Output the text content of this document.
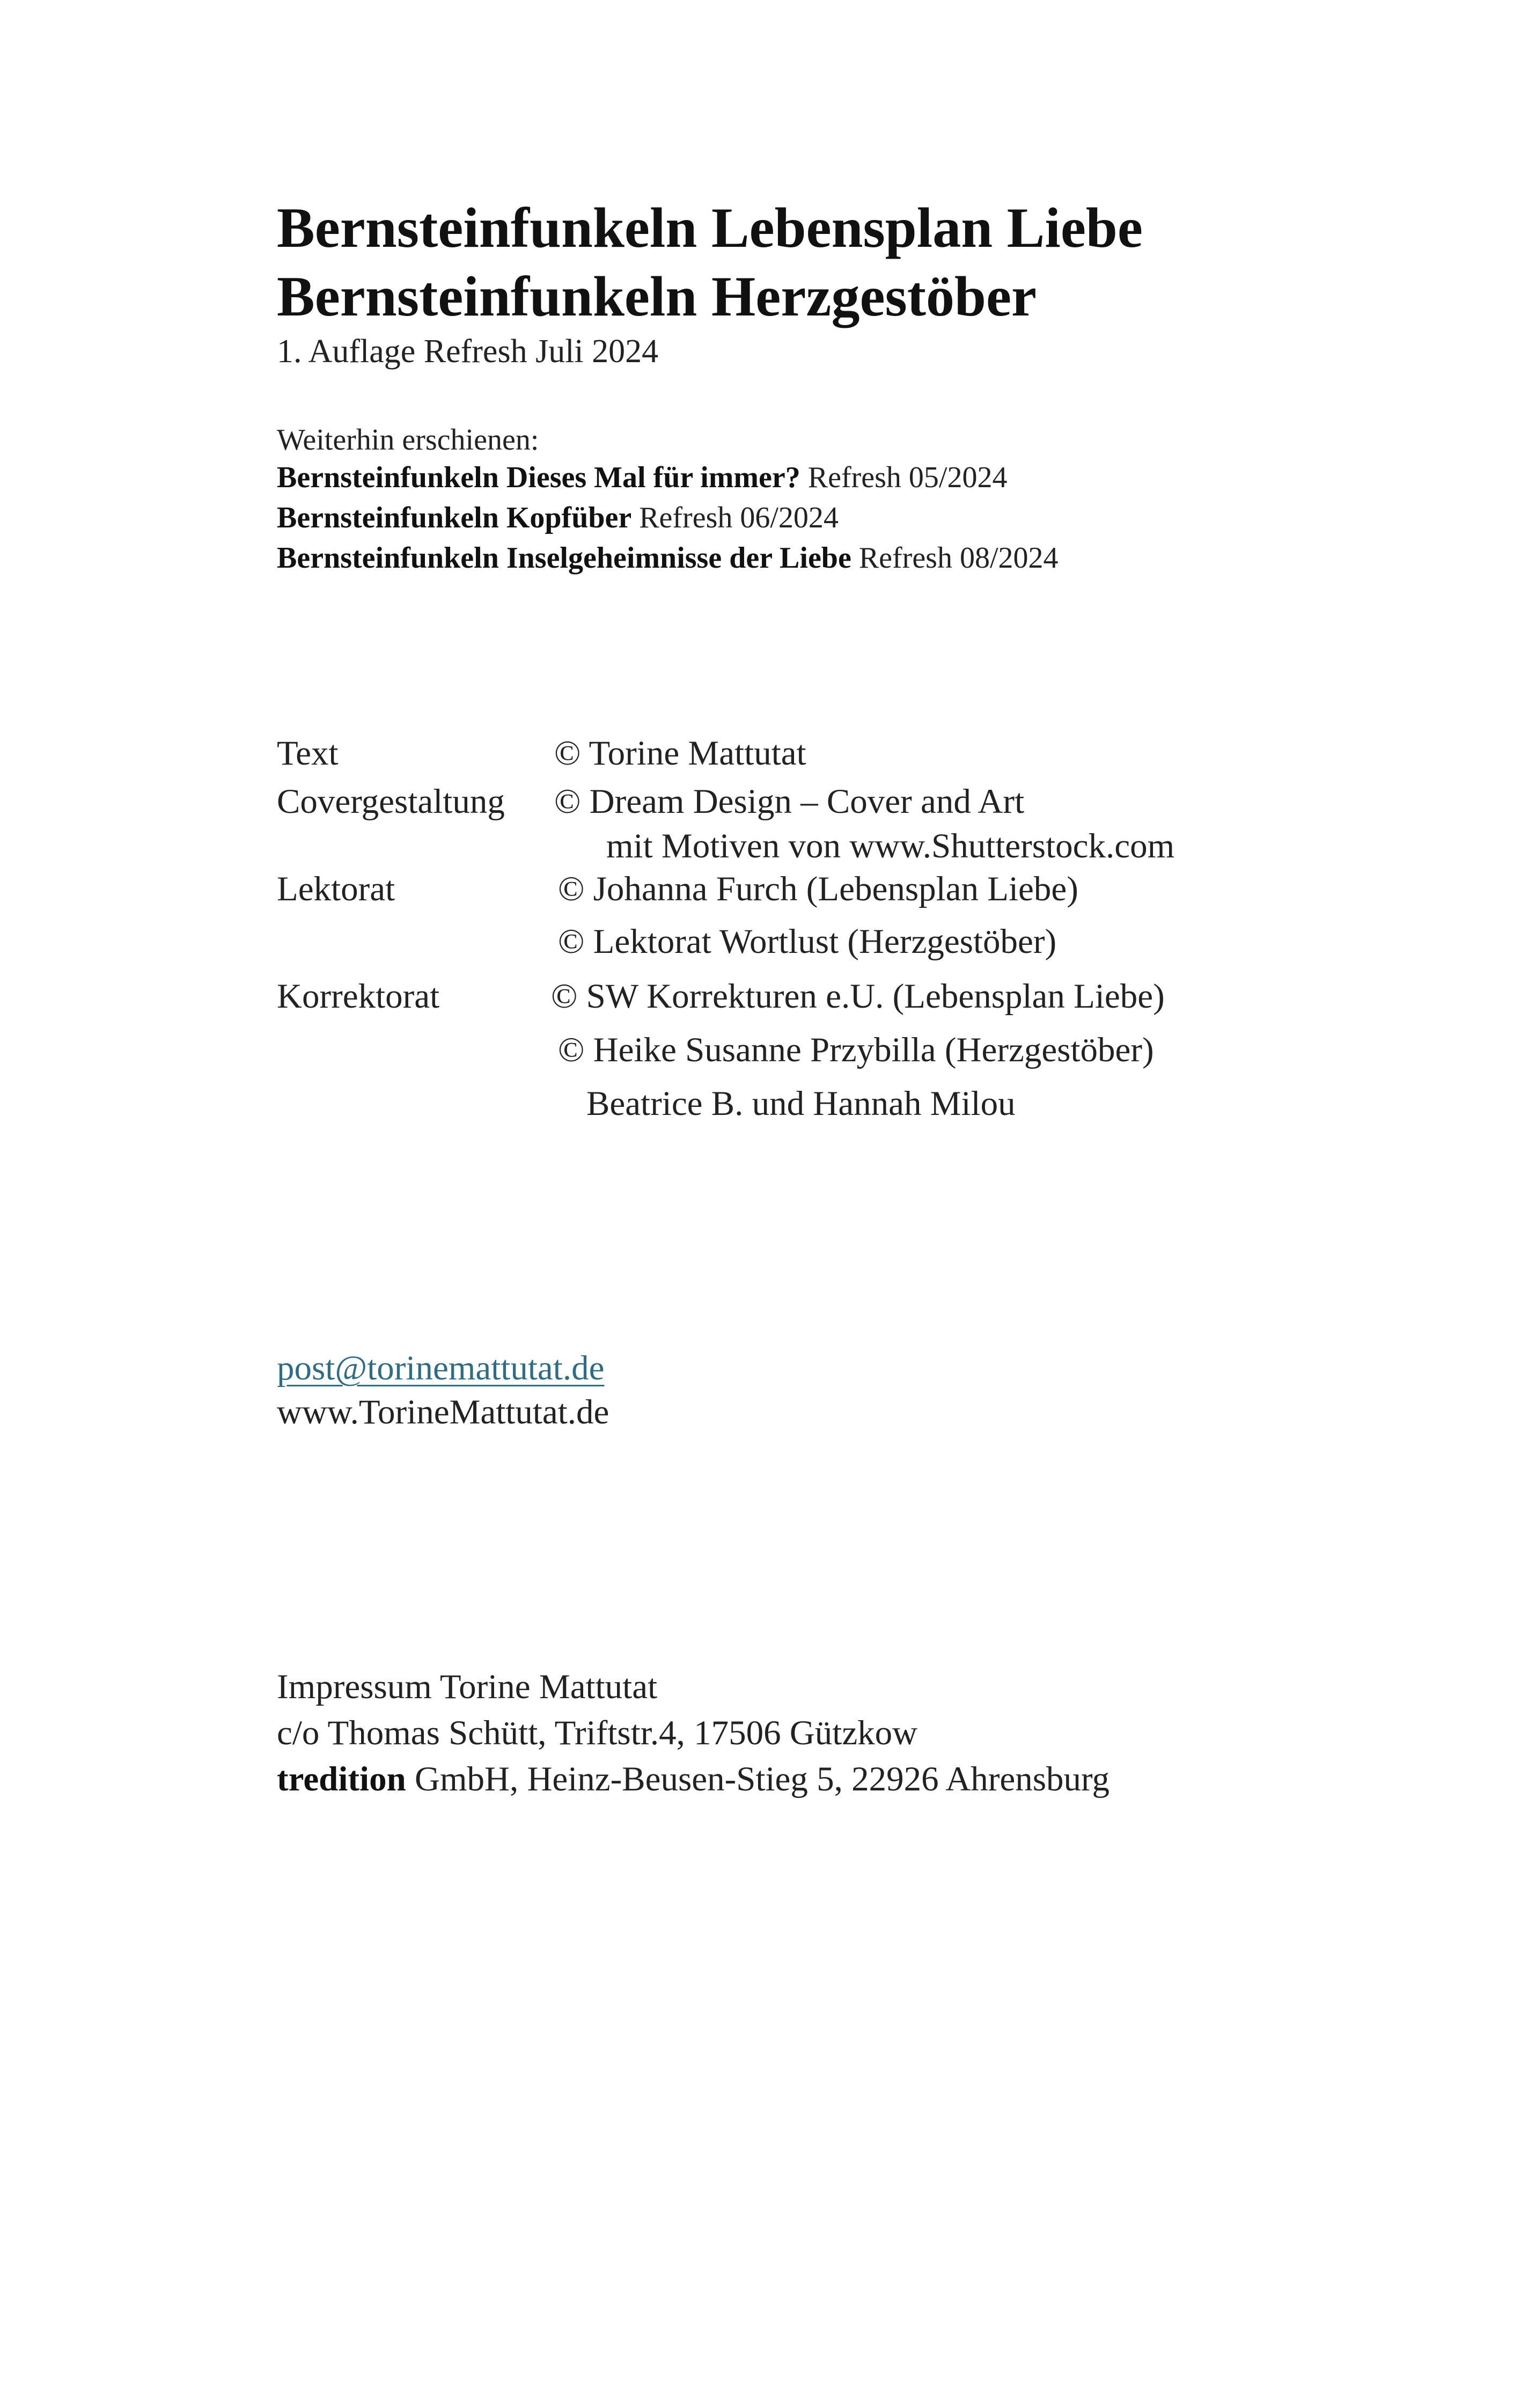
Bernsteinfunkeln Lebensplan Liebe
Bernsteinfunkeln Herzgestöber
1. Auflage Refresh Juli 2024
Weiterhin erschienen:
Bernsteinfunkeln Dieses Mal für immer? Refresh 05/2024
Bernsteinfunkeln Kopfüber Refresh 06/2024
Bernsteinfunkeln Inselgeheimnisse der Liebe Refresh 08/2024
Text	© Torine Mattutat
Covergestaltung © Dream Design – Cover and Art
mit Motiven von www.Shutterstock.com
Lektorat	© Johanna Furch (Lebensplan Liebe)
© Lektorat Wortlust (Herzgestöber)
Korrektorat	© SW Korrekturen e.U. (Lebensplan Liebe)
© Heike Susanne Przybilla (Herzgestöber)
Beatrice B. und Hannah Milou
post@torinemattutat.de
www.TorineMattutat.de
Impressum Torine Mattutat
c/o Thomas Schütt, Triftstr.4, 17506 Gützkow
tredition GmbH, Heinz-Beusen-Stieg 5, 22926 Ahrensburg
